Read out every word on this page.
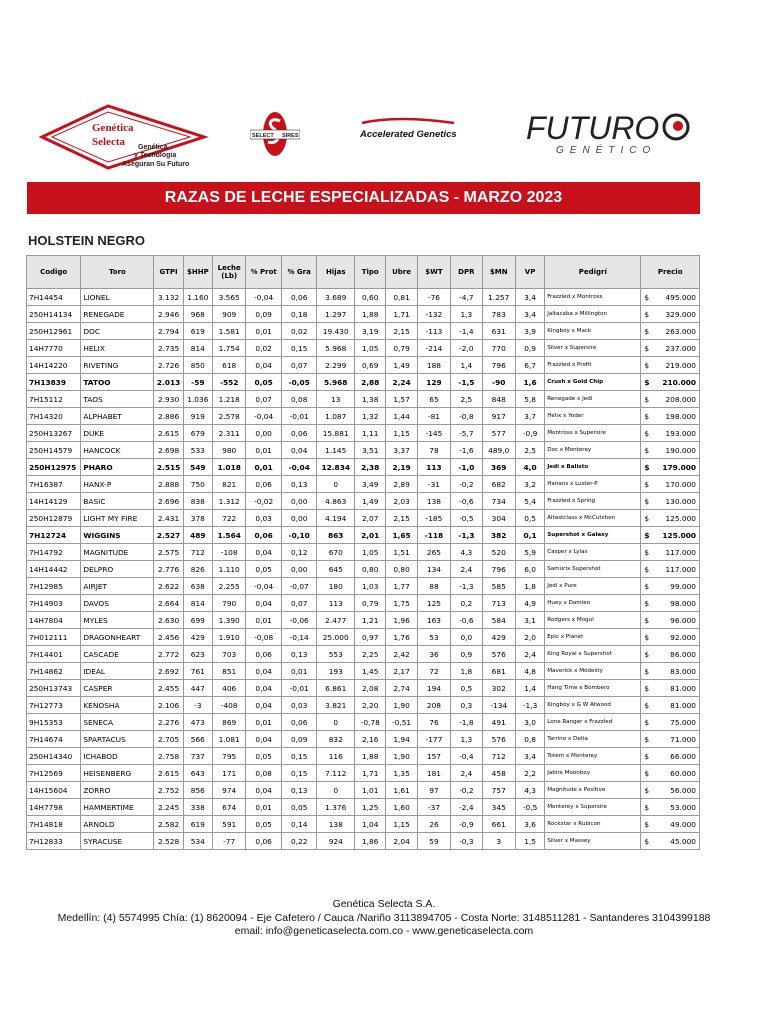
Genética
Selecta Genética
y Tecnología
Aseguran Su Futuro
SELECT SIRES	Accelerated Genetics FUTURO
GENÉTICO
RAZAS DE LECHE ESPECIALIZADAS - MARZO 2023
HOLSTEIN NEGRO
Codigo	Toro	GTPI	$HHP	Leche (Lb)	% Prot	% Gra	Hijas	Tipo	Ubre	$WT	DPR	$MN	VP	Pedigrí	Precio
7H14454	LIONEL	3.132	1.160	3.565	-0,04	0,06	3.689	0,60	0,81	-76	-4,7	1.257	3,4	Frazzled x Montross	$ 495.000
250H14134	RENEGADE	2.946	968	909	0,09	0,18	1.297	1,88	1,71	-132	1,3	783	3,4	Jaltacaba x Millington	$ 329.000
250H12961	DOC	2.794	619	1.581	0,01	0,02	19.430	3,19	2,15	-113	-1,4	631	3,9	Kingboy x Mack	$ 263.000
14H7770	HELIX	2.735	814	1.754	0,02	0,15	5.968	1,05	0,79	-214	-2,0	770	0,9	Silver x Supersire	$ 237.000
14H14220	RIVETING	2.726	850	618	0,04	0,07	2.299	0,69	1,49	188	1,4	796	6,7	Frazzled x Profit	$ 219.000
7H13839	TATOO	2.013	-59	-552	0,05	-0,05	5.968	2,88	2,24	129	-1,5	-90	1,6	Crush x Gold Chip	$ 210.000
7H15112	TAOS	2.930	1.036	1.218	0,07	0,08	13	1,38	1,57	65	2,5	848	5,8	Renegade x Jedi	$ 208.000
7H14320	ALPHABET	2.886	919	2.578	-0,04	-0,01	1.087	1,32	1,44	-81	-0,8	917	3,7	Helix x Yoder	$ 198.000
250H13267	DUKE	2.615	679	2.311	0,00	0,06	15.881	1,11	1,15	-145	-5,7	577	-0,9	Montross x Supersire	$ 193.000
250H14579	HANCOCK	2.698	533	980	0,01	0,04	1.145	3,51	3,37	78	-1,6	489,0	2,5	Doc x Monterey	$ 190.000
250H12975	PHARO	2.515	549	1.018	0,01	-0,04	12.834	2,38	2,19	113	-1,0	369	4,0	Jedi x Balisto	$ 179.000
7H16387	HANX-P	2.888	750	821	0,06	0,13	0	3,49	2,89	-31	-0,2	682	3,2	Hanans x Luster-P	$ 170.000
14H14129	BASIC	2.696	838	1.312	-0,02	0,00	4.863	1,49	2,03	138	-0,6	734	5,4	Frazzled x Spring	$ 130.000
250H12879	LIGHT MY FIRE	2.431	378	722	0,03	0,00	4.194	2,07	2,15	-185	-0,5	304	0,5	Altastclass x McCutchen	$ 125.000
7H12724	WIGGINS	2.527	489	1.564	0,06	-0,10	863	2,01	1,65	-118	-1,3	382	0,1	Supershot x Galaxy	$ 125.000
7H14792	MAGNITUDE	2.575	712	-108	0,04	0,12	670	1,05	1,51	265	4,3	520	5,9	Casper x Lylas	$ 117.000
14H14442	DELPRO	2.776	826	1.110	0,05	0,00	645	0,80	0,80	134	2,4	796	6,0	Samurix Supershot	$ 117.000
7H12985	AIRJET	2.622	638	2.255	-0,04	-0,07	180	1,03	1,77	88	-1,3	585	1,8	Jedi x Pure	$ 99.000
7H14903	DAVOS	2.664	814	790	0,04	0,07	113	0,79	1,75	125	0,2	713	4,9	Huey x Damien	$ 98.000
14H7804	MYLES	2.630	699	1.390	0,01	-0,06	2.477	1,21	1,96	163	-0,6	584	3,1	Rodgers x Mogul	$ 96.000
7H012111	DRAGONHEART	2.456	429	1.910	-0,08	-0,14	25.000	0,97	1,76	53	0,0	429	2,0	Epic x Planet	$ 92.000
7H14401	CASCADE	2.772	623	703	0,06	0,13	553	2,25	2,42	36	0,9	576	2,4	King Royal x Supershot	$ 86.000
7H14862	IDEAL	2.692	761	851	0,04	0,01	193	1,45	2,17	72	1,8	681	4,8	Maverick x Modesty	$ 83.000
250H13743	CASPER	2.455	447	406	0,04	-0,01	6.861	2,08	2,74	194	0,5	302	1,4	Hang Time x Bombero	$ 81.000
7H12773	KENOSHA	2.106	-3	-408	0,04	0,03	3.821	2,20	1,90	208	0,3	-134	-1,3	Kingboy x G W Atwood	$ 81.000
9H15353	SENECA	2.276	473	869	0,01	0,06	0	-0,78	-0,51	76	-1,8	491	3,0	Lone Ranger x Frazzled	$ 75.000
7H14674	SPARTACUS	2.705	566	1.081	0,04	0,09	832	2,16	1,94	-177	1,3	576	0,8	Tarrino x Delta	$ 71.000
250H14340	ICHABOD	2.758	737	795	0,05	0,15	116	1,88	1,90	157	-0,4	712	3,4	Totem x Monterey	$ 66.000
7H12569	HEISENBERG	2.615	643	171	0,08	0,15	7.112	1,71	1,35	181	2,4	458	2,2	Jabirx Moonboy	$ 60.000
14H15604	ZORRO	2.752	856	974	0,04	0,13	0	1,01	1,61	97	-0,2	757	4,3	Magnitude x Positive	$ 56.000
14H7798	HAMMERTIME	2.245	338	674	0,01	0,05	1.376	1,25	1,60	-37	-2,4	345	-0,5	Monterey x Supersire	$ 53.000
7H14818	ARNOLD	2.582	619	591	0,05	0,14	138	1,04	1,15	26	-0,9	661	3,6	Rockstar x Rubicon	$ 49.000
7H12833	SYRACUSE	2.528	534	-77	0,06	0,22	924	1,86	2,04	59	-0,3	3	1,5	Silver x Massey	$ 45.000
Genética Selecta S.A.
Medellín: (4) 5574995 Chía: (1) 8620094 - Eje Cafetero / Cauca /Nariño 3113894705 - Costa Norte: 3148511281 - Santanderes 3104399188
email: info@geneticaselecta.com.co - www.geneticaselecta.com
